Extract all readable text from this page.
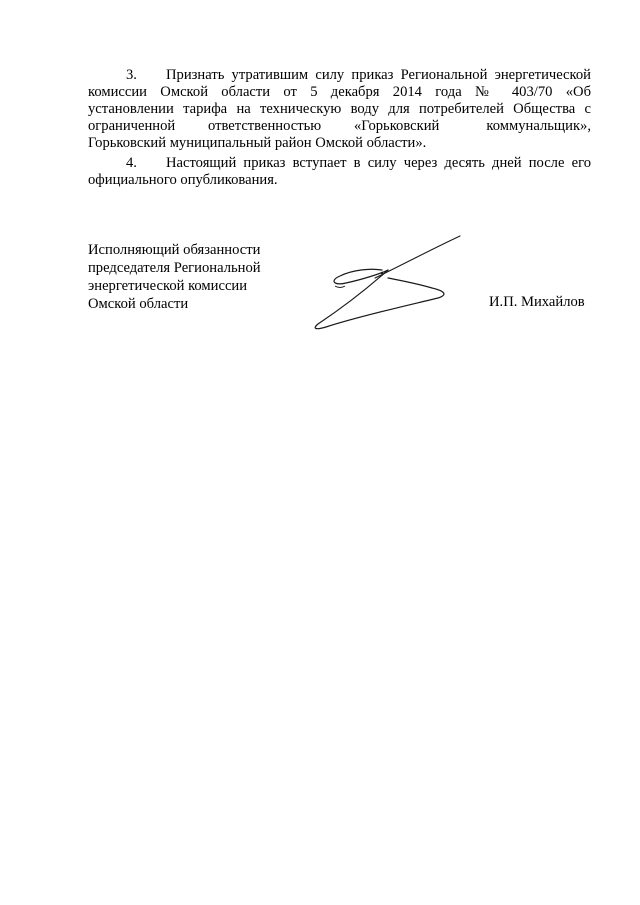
3. Признать утратившим силу приказ Региональной энергетической
комиссии Омской области от 5 декабря 2014 года № 403/70 «Об
установлении тарифа на техническую воду для потребителей Общества с
ограниченной ответственностью «Горьковский	коммунальщик»,
Горьковский муниципальный район Омской области».
4. Настоящий приказ вступает в силу через десять дней после его
официального опубликования.
Исполняющий обязанности
председателя Региональной
энергетической комиссии
Омской области	И.П. Михайлов
